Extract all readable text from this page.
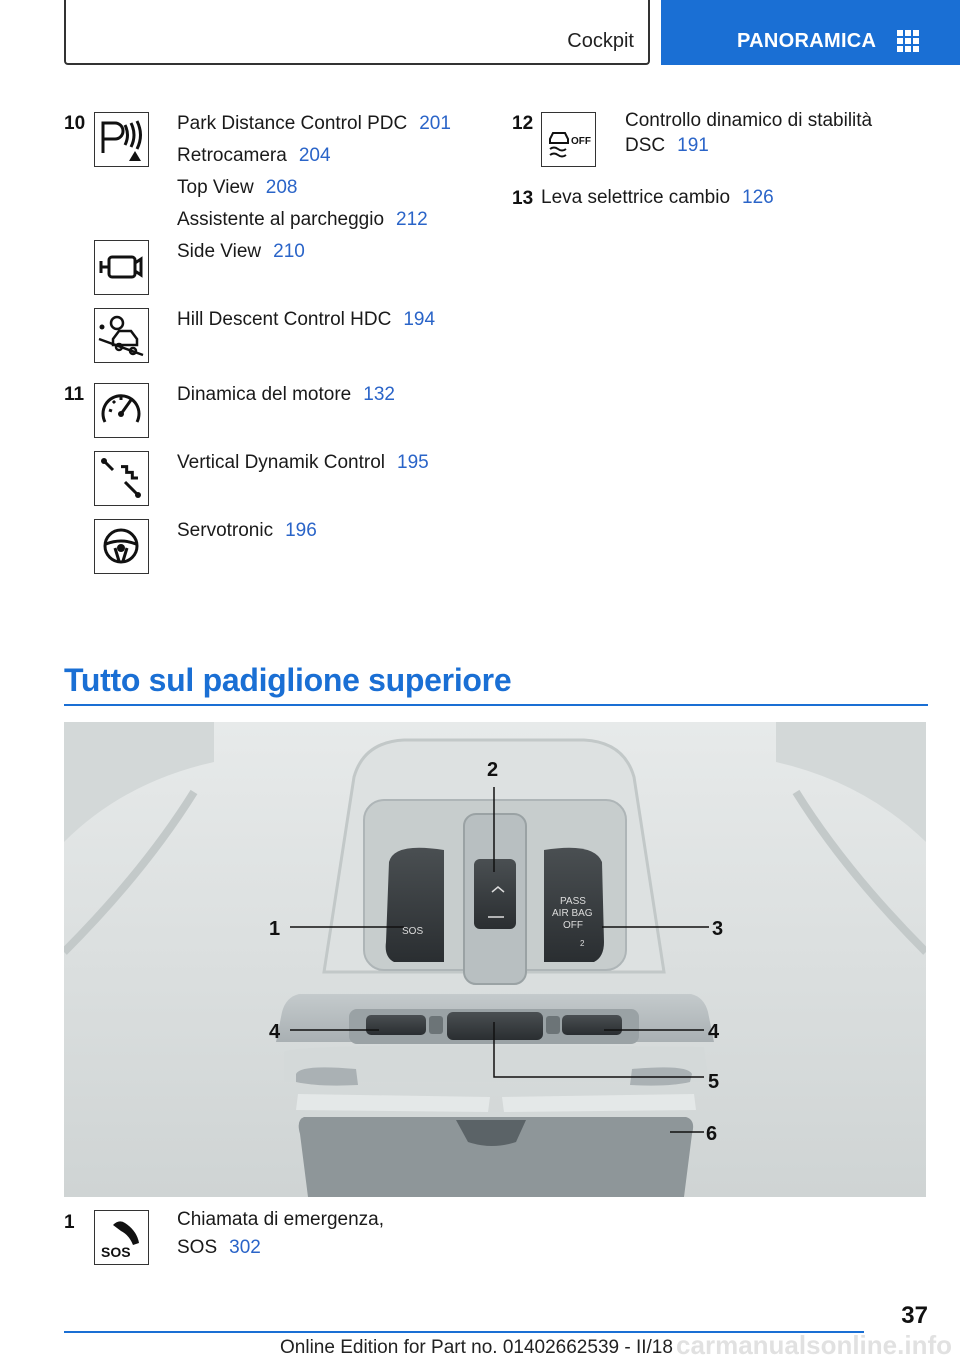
Cockpit	PANORAMICA
10	Park Distance Control PDC 201
Retrocamera 204
Top View 208
Assistente al parcheggio 212
Side View 210
Hill Descent Control HDC 194
11	Dinamica del motore 132
Vertical Dynamik Control 195
Servotronic 196
12
OFF
Controllo dinamico di stabilità
DSC 191
13 Leva selettrice cambio 126
Tutto sul padiglione superiore
SOS
PASS
AIR BAG
OFF
2
1
2
3
4	4
5
6
1
SOS
Chiamata di emergenza,
SOS 302
37
Online Edition for Part no. 01402662539 - II/18 carmanualsonline.info
